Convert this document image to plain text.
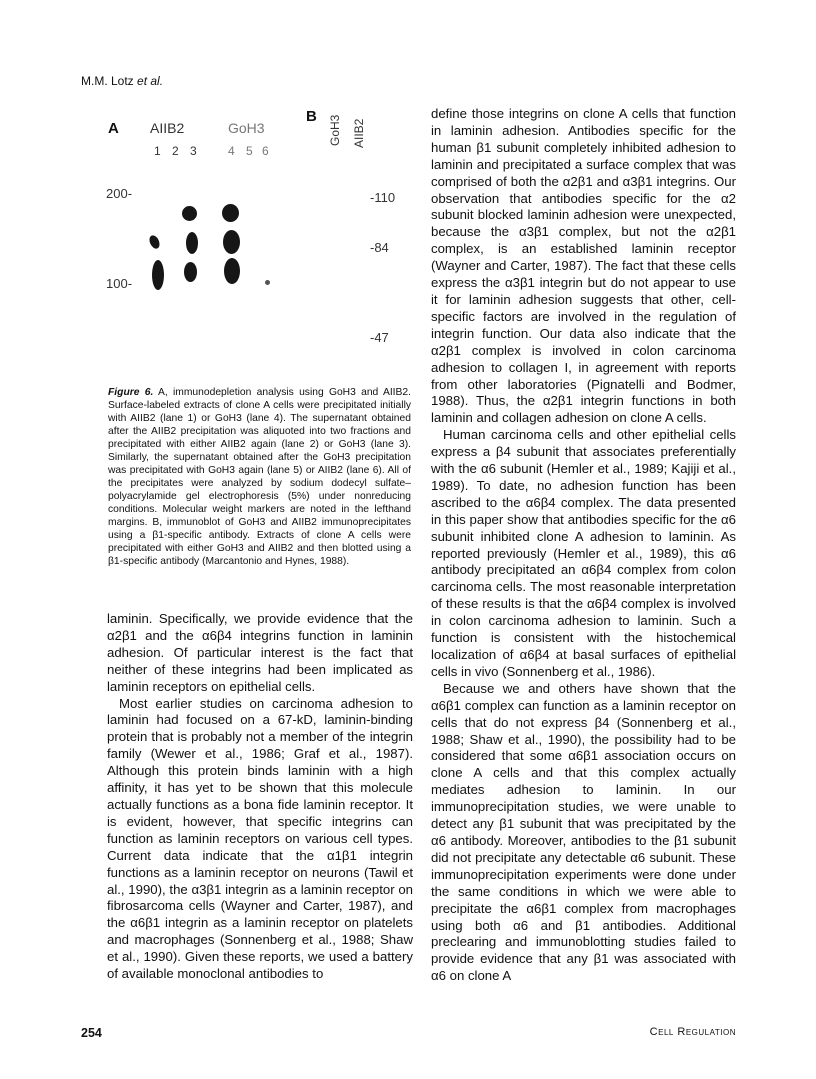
M.M. Lotz et al.
A AIIB2	GoH3
1 2 3	4 5 6
200-
100-
B GoH3 AIIB2
-110
-84
-47
Figure 6. A, immunodepletion analysis using GoH3 and AIIB2. Surface-labeled extracts of clone A cells were precipitated initially with AIIB2 (lane 1) or GoH3 (lane 4). The supernatant obtained after the AIIB2 precipitation was aliquoted into two fractions and precipitated with either AIIB2 again (lane 2) or GoH3 (lane 3). Similarly, the supernatant obtained after the GoH3 precipitation was precipitated with GoH3 again (lane 5) or AIIB2 (lane 6). All of the precipitates were analyzed by sodium dodecyl sulfate–polyacrylamide gel electrophoresis (5%) under nonreducing conditions. Molecular weight markers are noted in the lefthand margins. B, immunoblot of GoH3 and AIIB2 immunoprecipitates using a β1-specific antibody. Extracts of clone A cells were precipitated with either GoH3 and AIIB2 and then blotted using a β1-specific antibody (Marcantonio and Hynes, 1988).

laminin. Specifically, we provide evidence that the α2β1 and the α6β4 integrins function in laminin adhesion. Of particular interest is the fact that neither of these integrins had been implicated as laminin receptors on epithelial cells.

Most earlier studies on carcinoma adhesion to laminin had focused on a 67-kD, laminin-binding protein that is probably not a member of the integrin family (Wewer et al., 1986; Graf et al., 1987). Although this protein binds laminin with a high affinity, it has yet to be shown that this molecule actually functions as a bona fide laminin receptor. It is evident, however, that specific integrins can function as laminin receptors on various cell types. Current data indicate that the α1β1 integrin functions as a laminin receptor on neurons (Tawil et al., 1990), the α3β1 integrin as a laminin receptor on fibrosarcoma cells (Wayner and Carter, 1987), and the α6β1 integrin as a laminin receptor on platelets and macrophages (Sonnenberg et al., 1988; Shaw et al., 1990). Given these reports, we used a battery of available monoclonal antibodies to

define those integrins on clone A cells that function in laminin adhesion. Antibodies specific for the human β1 subunit completely inhibited adhesion to laminin and precipitated a surface complex that was comprised of both the α2β1 and α3β1 integrins. Our observation that antibodies specific for the α2 subunit blocked laminin adhesion were unexpected, because the α3β1 complex, but not the α2β1 complex, is an established laminin receptor (Wayner and Carter, 1987). The fact that these cells express the α3β1 integrin but do not appear to use it for laminin adhesion suggests that other, cell-specific factors are involved in the regulation of integrin function. Our data also indicate that the α2β1 complex is involved in colon carcinoma adhesion to collagen I, in agreement with reports from other laboratories (Pignatelli and Bodmer, 1988). Thus, the α2β1 integrin functions in both laminin and collagen adhesion on clone A cells.

Human carcinoma cells and other epithelial cells express a β4 subunit that associates preferentially with the α6 subunit (Hemler et al., 1989; Kajiji et al., 1989). To date, no adhesion function has been ascribed to the α6β4 complex. The data presented in this paper show that antibodies specific for the α6 subunit inhibited clone A adhesion to laminin. As reported previously (Hemler et al., 1989), this α6 antibody precipitated an α6β4 complex from colon carcinoma cells. The most reasonable interpretation of these results is that the α6β4 complex is involved in colon carcinoma adhesion to laminin. Such a function is consistent with the histochemical localization of α6β4 at basal surfaces of epithelial cells in vivo (Sonnenberg et al., 1986).

Because we and others have shown that the α6β1 complex can function as a laminin receptor on cells that do not express β4 (Sonnenberg et al., 1988; Shaw et al., 1990), the possibility had to be considered that some α6β1 association occurs on clone A cells and that this complex actually mediates adhesion to laminin. In our immunoprecipitation studies, we were unable to detect any β1 subunit that was precipitated by the α6 antibody. Moreover, antibodies to the β1 subunit did not precipitate any detectable α6 subunit. These immunoprecipitation experiments were done under the same conditions in which we were able to precipitate the α6β1 complex from macrophages using both α6 and β1 antibodies. Additional preclearing and immunoblotting studies failed to provide evidence that any β1 was associated with α6 on clone A

254	Cell Regulation
